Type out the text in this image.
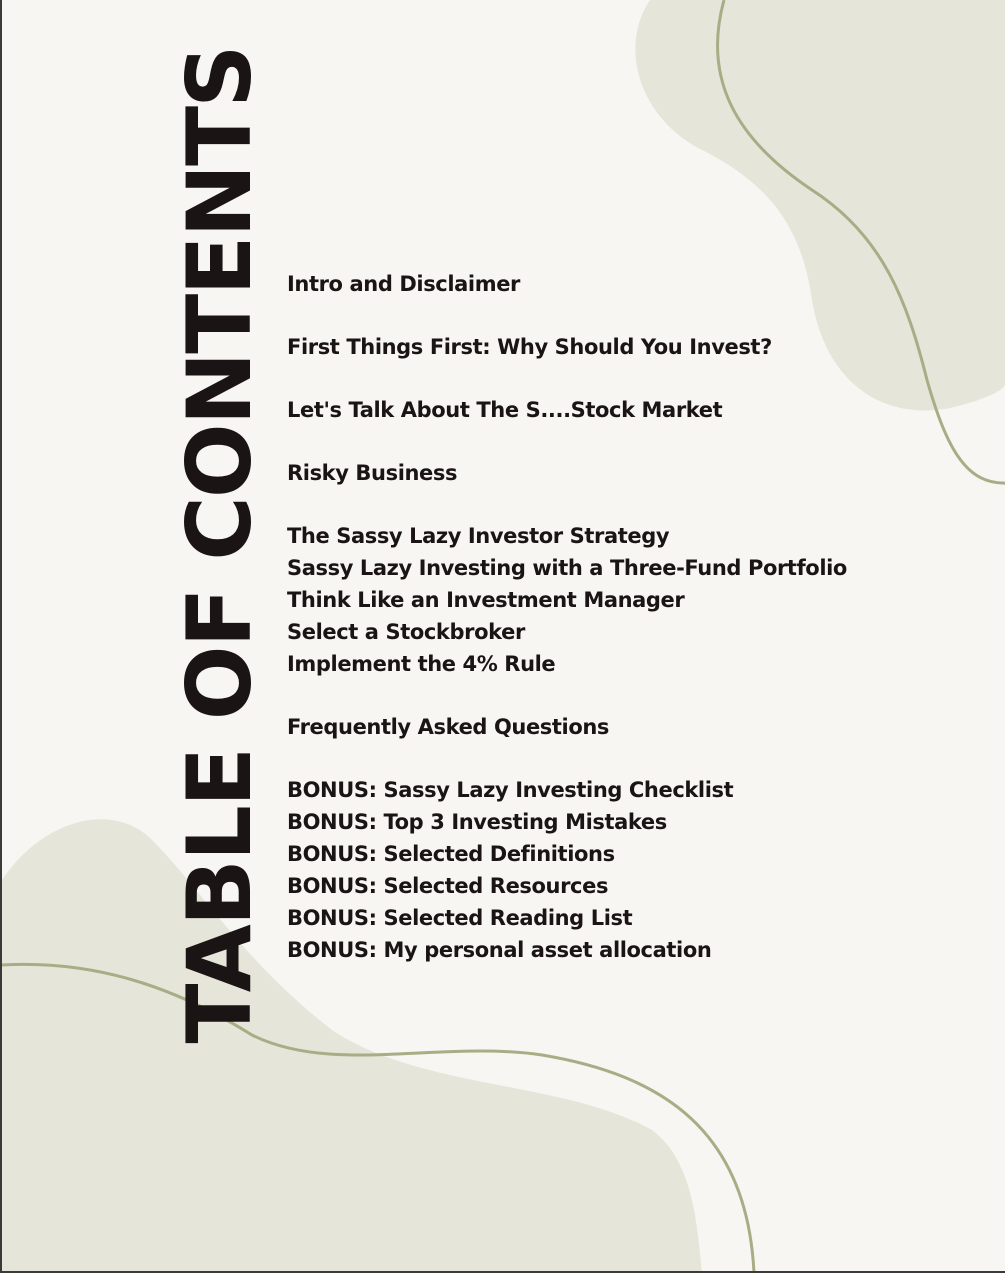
TABLE OF CONTENTS Intro and Disclaimer
First Things First: Why Should You Invest?
Let's Talk About The S....Stock Market
Risky Business
The Sassy Lazy Investor Strategy
Sassy Lazy Investing with a Three-Fund Portfolio
Think Like an Investment Manager
Select a Stockbroker
Implement the 4% Rule
Frequently Asked Questions
BONUS: Sassy Lazy Investing Checklist
BONUS: Top 3 Investing Mistakes
BONUS: Selected Definitions
BONUS: Selected Resources
BONUS: Selected Reading List
BONUS: My personal asset allocation
